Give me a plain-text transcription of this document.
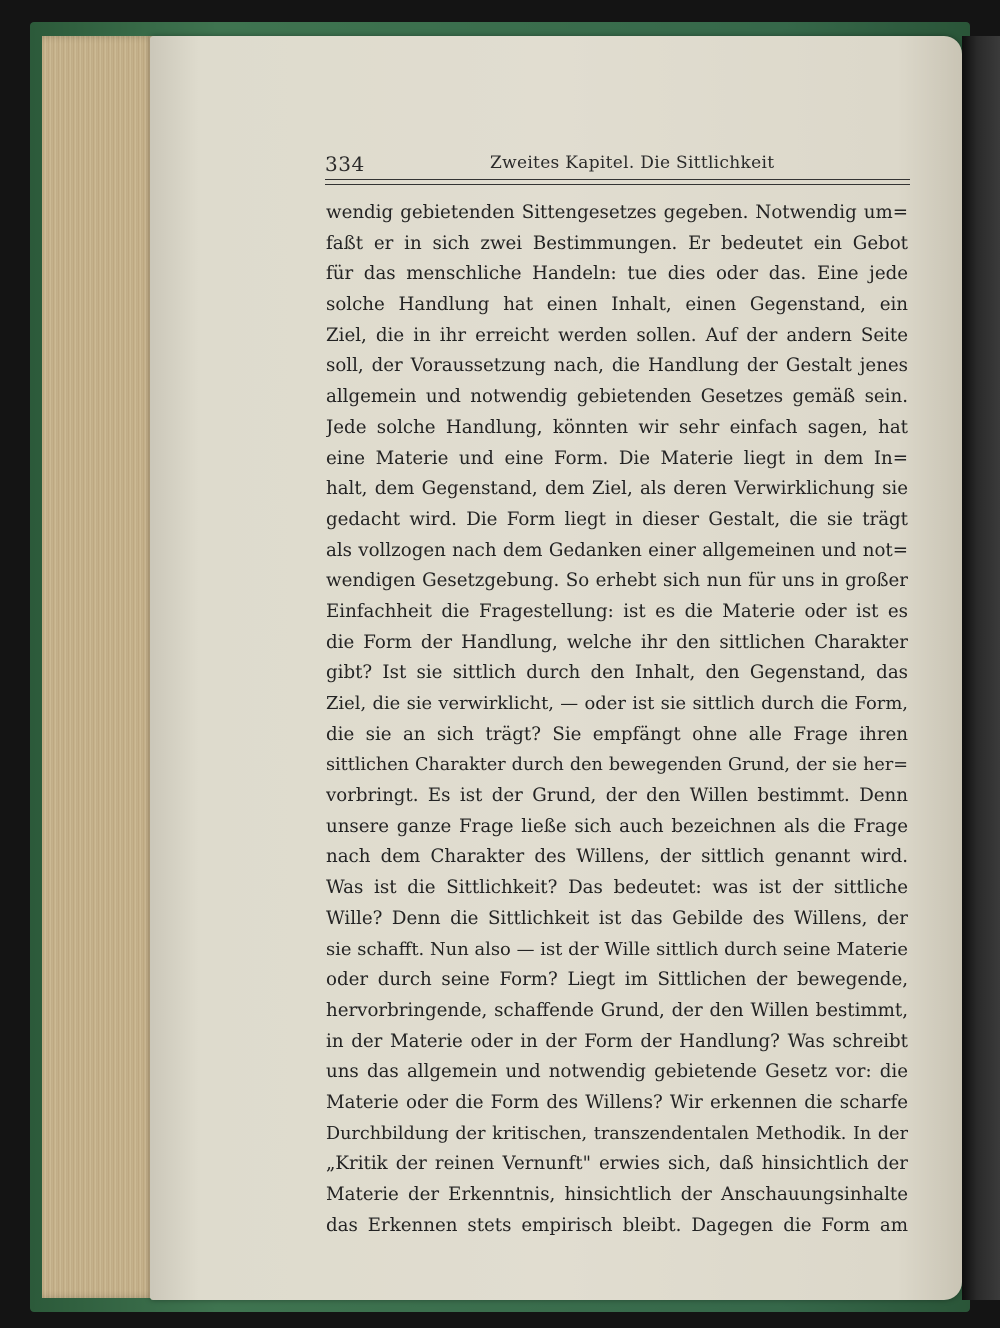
334	Zweites Kapitel. Die Sittlichkeit
wendig gebietenden Sittengesetzes gegeben. Notwendig um=
faßt er in sich zwei Bestimmungen. Er bedeutet ein Gebot
für das menschliche Handeln: tue dies oder das. Eine jede
solche Handlung hat einen Inhalt, einen Gegenstand, ein
Ziel, die in ihr erreicht werden sollen. Auf der andern Seite
soll, der Voraussetzung nach, die Handlung der Gestalt jenes
allgemein und notwendig gebietenden Gesetzes gemäß sein.
Jede solche Handlung, könnten wir sehr einfach sagen, hat
eine Materie und eine Form. Die Materie liegt in dem In=
halt, dem Gegenstand, dem Ziel, als deren Verwirklichung sie
gedacht wird. Die Form liegt in dieser Gestalt, die sie trägt
als vollzogen nach dem Gedanken einer allgemeinen und not=
wendigen Gesetzgebung. So erhebt sich nun für uns in großer
Einfachheit die Fragestellung: ist es die Materie oder ist es
die Form der Handlung, welche ihr den sittlichen Charakter
gibt? Ist sie sittlich durch den Inhalt, den Gegenstand, das
Ziel, die sie verwirklicht, — oder ist sie sittlich durch die Form,
die sie an sich trägt? Sie empfängt ohne alle Frage ihren
sittlichen Charakter durch den bewegenden Grund, der sie her=
vorbringt. Es ist der Grund, der den Willen bestimmt. Denn
unsere ganze Frage ließe sich auch bezeichnen als die Frage
nach dem Charakter des Willens, der sittlich genannt wird.
Was ist die Sittlichkeit? Das bedeutet: was ist der sittliche
Wille? Denn die Sittlichkeit ist das Gebilde des Willens, der
sie schafft. Nun also — ist der Wille sittlich durch seine Materie
oder durch seine Form? Liegt im Sittlichen der bewegende,
hervorbringende, schaffende Grund, der den Willen bestimmt,
in der Materie oder in der Form der Handlung? Was schreibt
uns das allgemein und notwendig gebietende Gesetz vor: die
Materie oder die Form des Willens? Wir erkennen die scharfe
Durchbildung der kritischen, transzendentalen Methodik. In der
„Kritik der reinen Vernunft" erwies sich, daß hinsichtlich der
Materie der Erkenntnis, hinsichtlich der Anschauungsinhalte
das Erkennen stets empirisch bleibt. Dagegen die Form am
